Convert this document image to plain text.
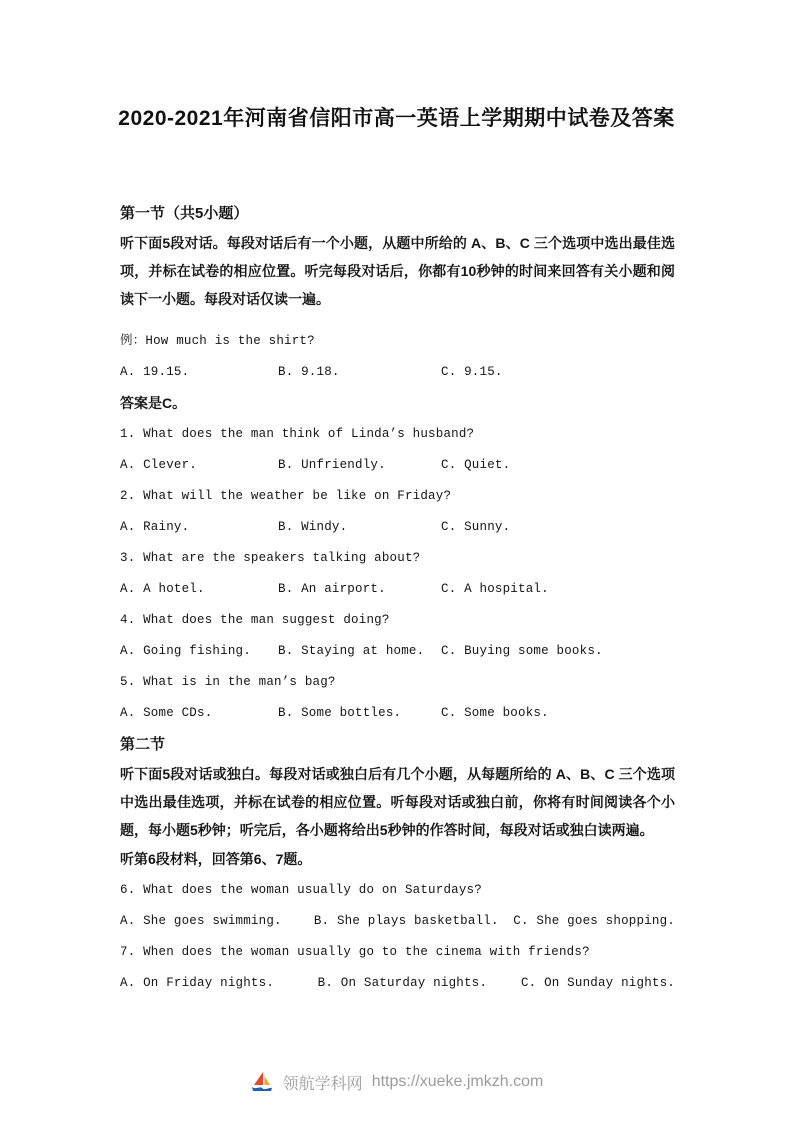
2020-2021年河南省信阳市高一英语上学期期中试卷及答案
第一节（共5小题）

听下面5段对话。每段对话后有一个小题，从题中所给的 A、B、C 三个选项中选出最佳选项，并标在试卷的相应位置。听完每段对话后，你都有10秒钟的时间来回答有关小题和阅读下一小题。每段对话仅读一遍。

例：How much is the shirt?
A. 19.15.	B. 9.18.	C. 9.15.
答案是C。
1. What does the man think of Linda’s husband?
A. Clever.	B. Unfriendly.	C. Quiet.
2. What will the weather be like on Friday?
A. Rainy.	B. Windy.	C. Sunny.
3. What are the speakers talking about?
A. A hotel.	B. An airport.	C. A hospital.
4. What does the man suggest doing?
A. Going fishing.	B. Staying at home.	C. Buying some books.
5. What is in the man’s bag?
A. Some CDs.	B. Some bottles.	C. Some books.
第二节

听下面5段对话或独白。每段对话或独白后有几个小题，从每题所给的 A、B、C 三个选项中选出最佳选项，并标在试卷的相应位置。听每段对话或独白前，你将有时间阅读各个小题，每小题5秒钟；听完后，各小题将给出5秒钟的作答时间，每段对话或独白读两遍。

听第6段材料，回答第6、7题。
6. What does the woman usually do on Saturdays?
A. She goes swimming.	B. She plays basketball.	C. She goes shopping.
7. When does the woman usually go to the cinema with friends?
A. On Friday nights.	B. On Saturday nights.	C. On Sunday nights.
领航学科网 https://xueke.jmkzh.com
